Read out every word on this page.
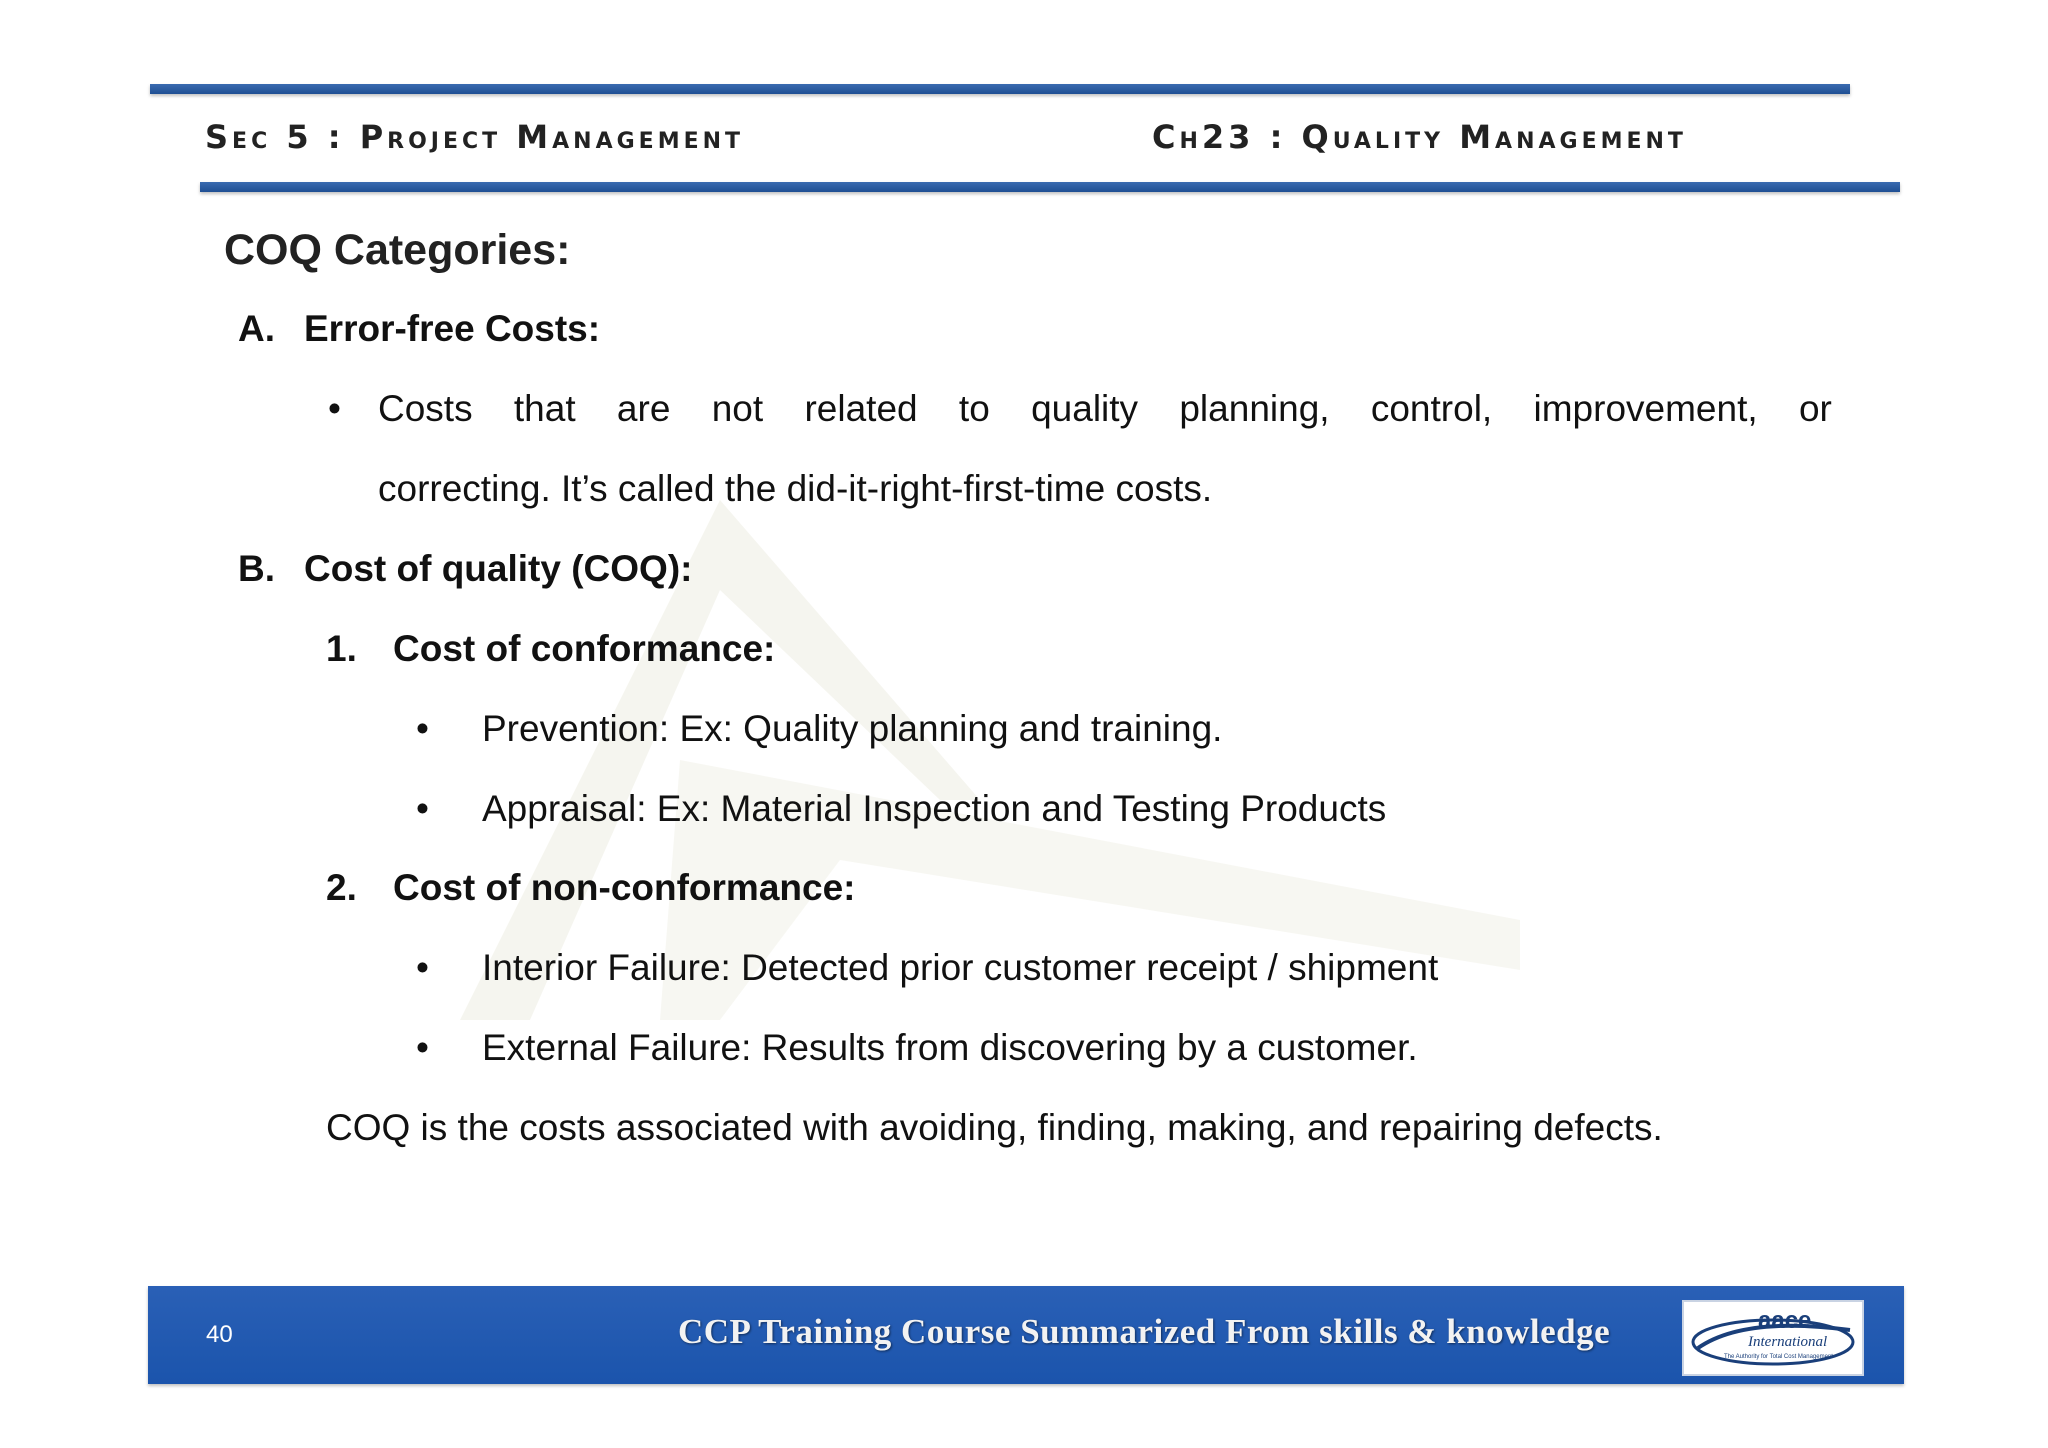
Sec 5 : Project Management	Ch23 : Quality Management
COQ Categories:
A. Error-free Costs:
• Costs that are not related to quality planning, control, improvement, or
correcting. It’s called the did-it-right-first-time costs.
B. Cost of quality (COQ):
1. Cost of conformance:
• Prevention: Ex: Quality planning and training.
• Appraisal: Ex: Material Inspection and Testing Products
2. Cost of non-conformance:
• Interior Failure: Detected prior customer receipt / shipment
• External Failure: Results from discovering by a customer.
COQ is the costs associated with avoiding, finding, making, and repairing defects.
40	CCP Training Course Summarized From skills & knowledge	aace
International
The Authority for Total Cost Management
